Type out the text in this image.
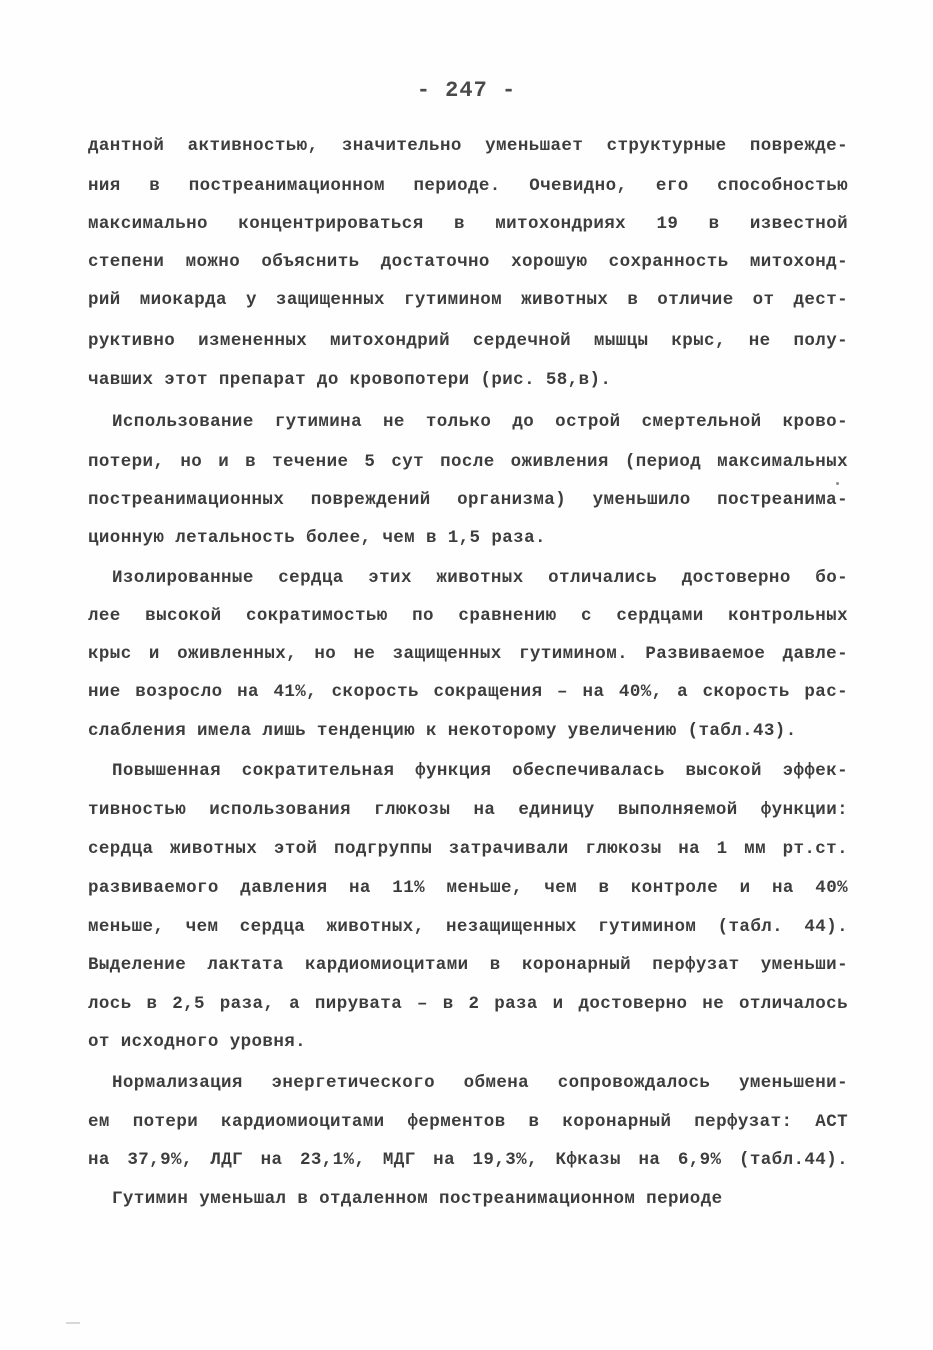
- 247 -
дантной активностью, значительно уменьшает структурные поврежде-
ния в постреанимационном периоде. Очевидно, его способностью
максимально концентрироваться в митохондриях 19 в известной
степени можно объяснить достаточно хорошую сохранность митохонд-
рий миокарда у защищенных гутимином животных в отличие от дест-
руктивно измененных митохондрий сердечной мышцы крыс, не полу-
чавших этот препарат до кровопотери (рис. 58,в).
Использование гутимина не только до острой смертельной крово-
потери, но и в течение 5 сут после оживления (период максимальных
постреанимационных повреждений организма) уменьшило постреанима-
ционную летальность более, чем в 1,5 раза.
Изолированные сердца этих животных отличались достоверно бо-
лее высокой сократимостью по сравнению с сердцами контрольных
крыс и оживленных, но не защищенных гутимином. Развиваемое давле-
ние возросло на 41%, скорость сокращения – на 40%, а скорость рас-
слабления имела лишь тенденцию к некоторому увеличению (табл.43).
Повышенная сократительная функция обеспечивалась высокой эффек-
тивностью использования глюкозы на единицу выполняемой функции:
сердца животных этой подгруппы затрачивали глюкозы на 1 мм рт.ст.
развиваемого давления на 11% меньше, чем в контроле и на 40%
меньше, чем сердца животных, незащищенных гутимином (табл. 44).
Выделение лактата кардиомиоцитами в коронарный перфузат уменьши-
лось в 2,5 раза, а пирувата – в 2 раза и достоверно не отличалось
от исходного уровня.
Нормализация энергетического обмена сопровождалось уменьшени-
ем потери кардиомиоцитами ферментов в коронарный перфузат: АСТ
на 37,9%, ЛДГ на 23,1%, МДГ на 19,3%, Кфказы на 6,9% (табл.44).
Гутимин уменьшал в отдаленном постреанимационном периоде
